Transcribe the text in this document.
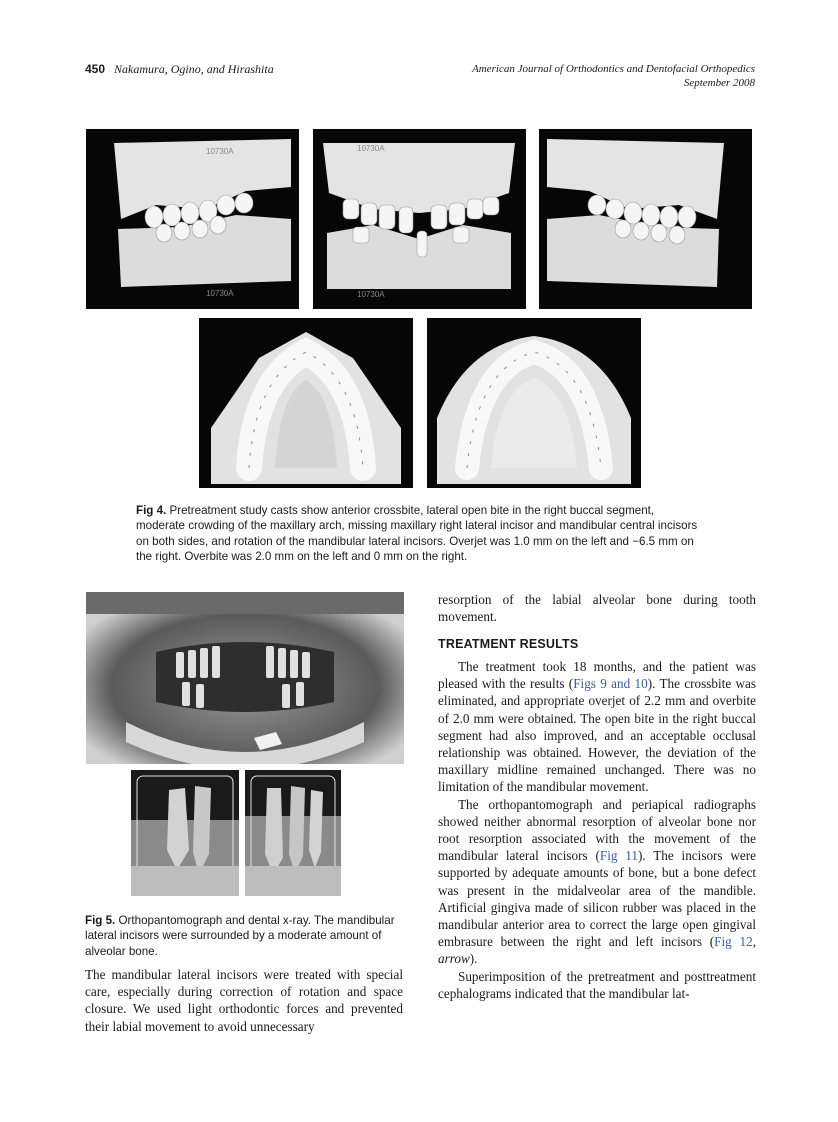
450 Nakamura, Ogino, and Hirashita	American Journal of Orthodontics and Dentofacial Orthopedics
September 2008
10730A
10730A
10730A
10730A
Fig 4. Pretreatment study casts show anterior crossbite, lateral open bite in the right buccal segment, moderate crowding of the maxillary arch, missing maxillary right lateral incisor and mandibular central incisors on both sides, and rotation of the mandibular lateral incisors. Overjet was 1.0 mm on the left and −6.5 mm on the right. Overbite was 2.0 mm on the left and 0 mm on the right.
Fig 5. Orthopantomograph and dental x-ray. The mandibular lateral incisors were surrounded by a moderate amount of alveolar bone.

The mandibular lateral incisors were treated with special care, especially during correction of rotation and space closure. We used light orthodontic forces and prevented their labial movement to avoid unnecessary

resorption of the labial alveolar bone during tooth movement.

TREATMENT RESULTS

The treatment took 18 months, and the patient was pleased with the results (Figs 9 and 10). The crossbite was eliminated, and appropriate overjet of 2.2 mm and overbite of 2.0 mm were obtained. The open bite in the right buccal segment had also improved, and an acceptable occlusal relationship was obtained. However, the deviation of the maxillary midline remained unchanged. There was no limitation of the mandibular movement.

The orthopantomograph and periapical radiographs showed neither abnormal resorption of alveolar bone nor root resorption associated with the movement of the mandibular lateral incisors (Fig 11). The incisors were supported by adequate amounts of bone, but a bone defect was present in the midalveolar area of the mandible. Artificial gingiva made of silicon rubber was placed in the mandibular anterior area to correct the large open gingival embrasure between the right and left incisors (Fig 12, arrow).

Superimposition of the pretreatment and posttreatment cephalograms indicated that the mandibular lat-
